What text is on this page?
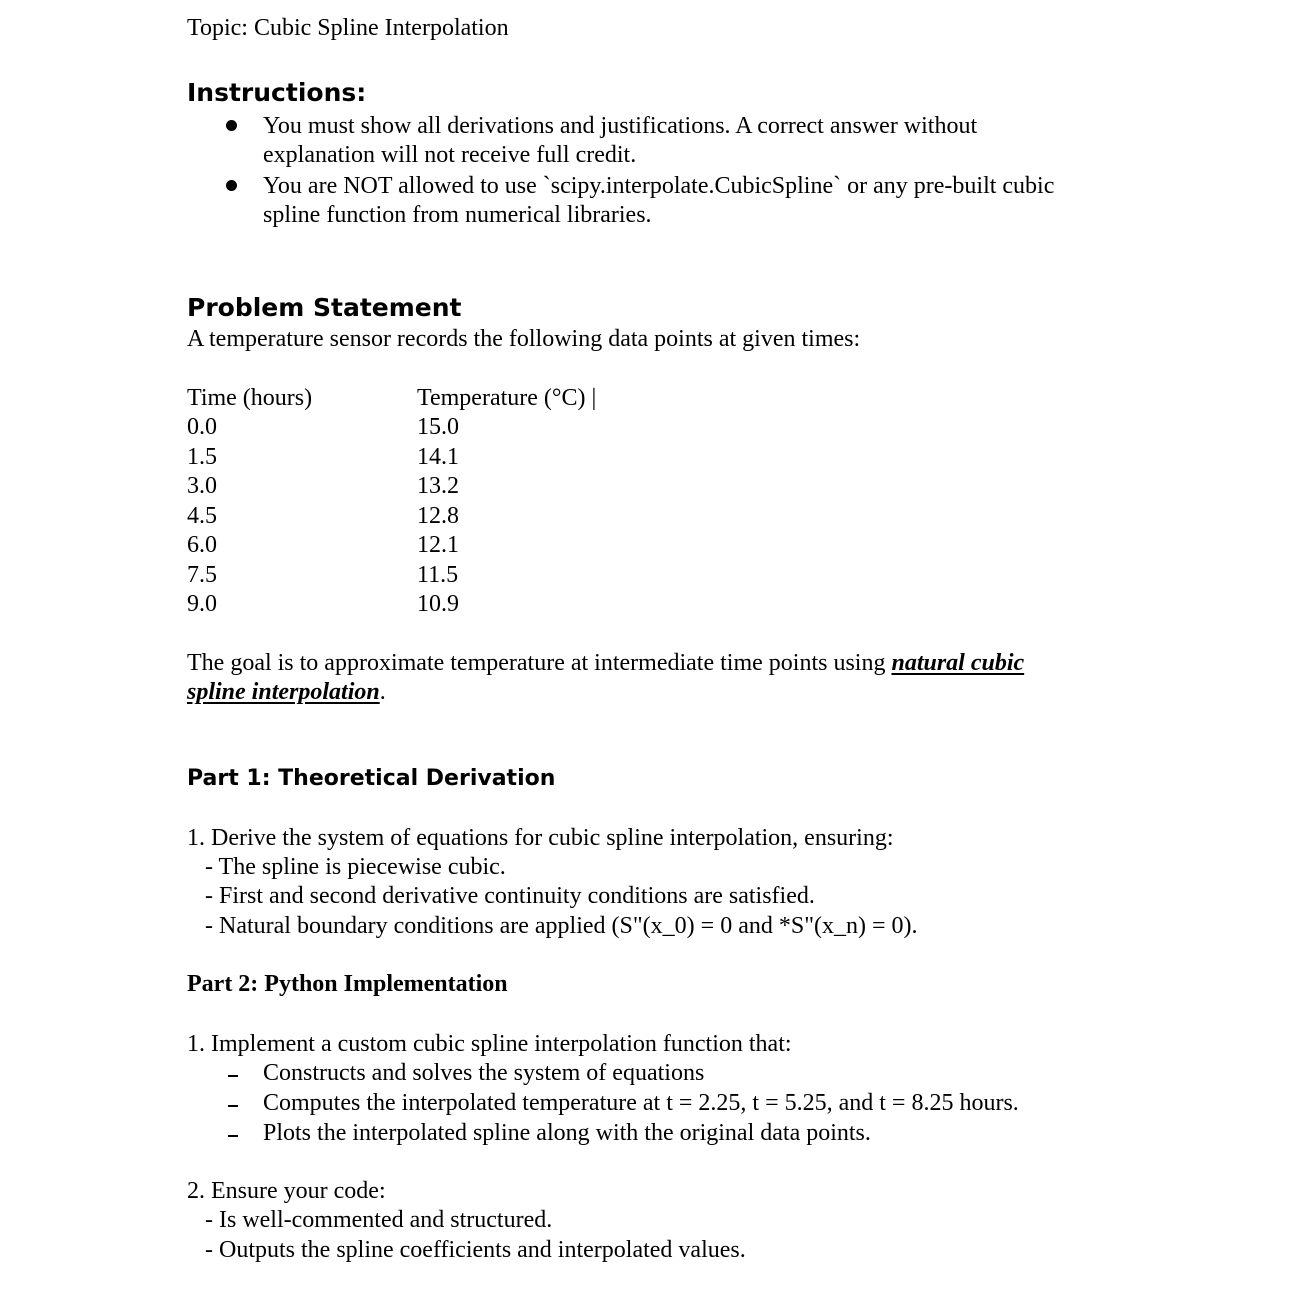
Topic: Cubic Spline Interpolation
Instructions:
You must show all derivations and justifications. A correct answer without
explanation will not receive full credit.
You are NOT allowed to use `scipy.interpolate.CubicSpline` or any pre-built cubic
spline function from numerical libraries.
Problem Statement
A temperature sensor records the following data points at given times:
Time (hours)	Temperature (°C) |
0.0	15.0
1.5	14.1
3.0	13.2
4.5	12.8
6.0	12.1
7.5	11.5
9.0	10.9
The goal is to approximate temperature at intermediate time points using natural cubic
spline interpolation.
Part 1: Theoretical Derivation
1. Derive the system of equations for cubic spline interpolation, ensuring:
- The spline is piecewise cubic.
- First and second derivative continuity conditions are satisfied.
- Natural boundary conditions are applied (S"(x_0) = 0 and *S"(x_n) = 0).
Part 2: Python Implementation
1. Implement a custom cubic spline interpolation function that:
Constructs and solves the system of equations
Computes the interpolated temperature at t = 2.25, t = 5.25, and t = 8.25 hours.
Plots the interpolated spline along with the original data points.
2. Ensure your code:
- Is well-commented and structured.
- Outputs the spline coefficients and interpolated values.
